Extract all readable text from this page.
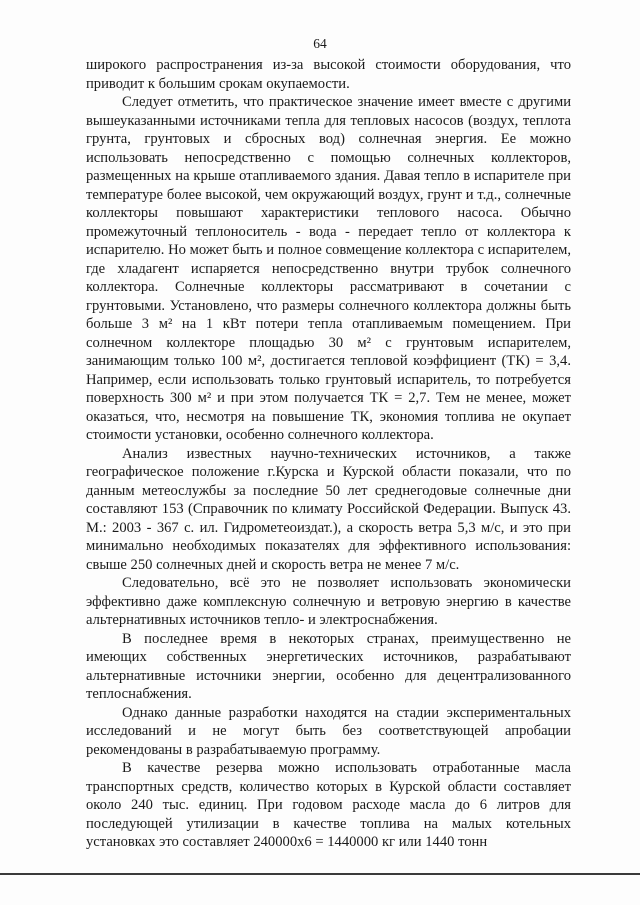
64

широкого распространения из-за высокой стоимости оборудования, что приводит к большим срокам окупаемости.

Следует отметить, что практическое значение имеет вместе с другими вышеуказанными источниками тепла для тепловых насосов (воздух, теплота грунта, грунтовых и сбросных вод) солнечная энергия. Ее можно использовать непосредственно с помощью солнечных коллекторов, размещенных на крыше отапливаемого здания. Давая тепло в испарителе при температуре более высокой, чем окружающий воздух, грунт и т.д., солнечные коллекторы повышают характеристики теплового насоса. Обычно промежуточный теплоноситель - вода - передает тепло от коллектора к испарителю. Но может быть и полное совмещение коллектора с испарителем, где хладагент испаряется непосредственно внутри трубок солнечного коллектора. Солнечные коллекторы рассматривают в сочетании с грунтовыми. Установлено, что размеры солнечного коллектора должны быть больше 3 м² на 1 кВт потери тепла отапливаемым помещением. При солнечном коллекторе площадью 30 м² с грунтовым испарителем, занимающим только 100 м², достигается тепловой коэффициент (ТК) = 3,4. Например, если использовать только грунтовый испаритель, то потребуется поверхность 300 м² и при этом получается ТК = 2,7. Тем не менее, может оказаться, что, несмотря на повышение ТК, экономия топлива не окупает стоимости установки, особенно солнечного коллектора.

Анализ известных научно-технических источников, а также географическое положение г.Курска и Курской области показали, что по данным метеослужбы за последние 50 лет среднегодовые солнечные дни составляют 153 (Справочник по климату Российской Федерации. Выпуск 43. М.: 2003 - 367 с. ил. Гидрометеоиздат.), а скорость ветра 5,3 м/с, и это при минимально необходимых показателях для эффективного использования: свыше 250 солнечных дней и скорость ветра не менее 7 м/с.

Следовательно, всё это не позволяет использовать экономически эффективно даже комплексную солнечную и ветровую энергию в качестве альтернативных источников тепло- и электроснабжения.

В последнее время в некоторых странах, преимущественно не имеющих собственных энергетических источников, разрабатывают альтернативные источники энергии, особенно для децентрализованного теплоснабжения.

Однако данные разработки находятся на стадии экспериментальных исследований и не могут быть без соответствующей апробации рекомендованы в разрабатываемую программу.

В качестве резерва можно использовать отработанные масла транспортных средств, количество которых в Курской области составляет около 240 тыс. единиц. При годовом расходе масла до 6 литров для последующей утилизации в качестве топлива на малых котельных установках это составляет 240000х6 = 1440000 кг или 1440 тонн
